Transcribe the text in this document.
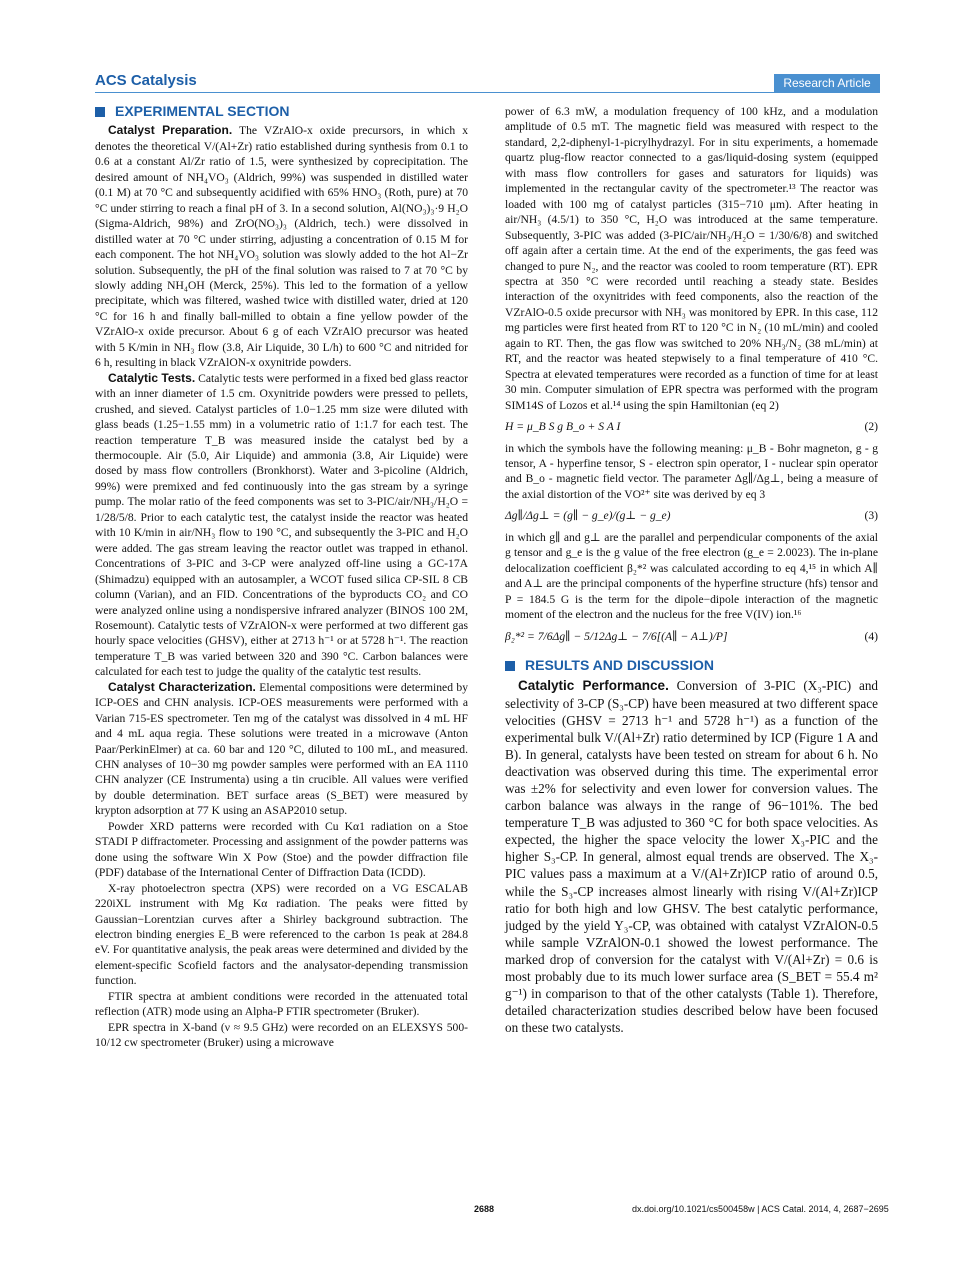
ACS Catalysis	Research Article
EXPERIMENTAL SECTION

Catalyst Preparation. The VZrAlO-x oxide precursors, in which x denotes the theoretical V/(Al+Zr) ratio established during synthesis from 0.1 to 0.6 at a constant Al/Zr ratio of 1.5, were synthesized by coprecipitation. The desired amount of NH₄VO₃ (Aldrich, 99%) was suspended in distilled water (0.1 M) at 70 °C and subsequently acidified with 65% HNO₃ (Roth, pure) at 70 °C under stirring to reach a final pH of 3. In a second solution, Al(NO₃)₃·9 H₂O (Sigma-Aldrich, 98%) and ZrO(NO₃)₃ (Aldrich, tech.) were dissolved in distilled water at 70 °C under stirring, adjusting a concentration of 0.15 M for each component. The hot NH₄VO₃ solution was slowly added to the hot Al−Zr solution. Subsequently, the pH of the final solution was raised to 7 at 70 °C by slowly adding NH₄OH (Merck, 25%). This led to the formation of a yellow precipitate, which was filtered, washed twice with distilled water, dried at 120 °C for 16 h and finally ball-milled to obtain a fine yellow powder of the VZrAlO-x oxide precursor. About 6 g of each VZrAlO precursor was heated with 5 K/min in NH₃ flow (3.8, Air Liquide, 30 L/h) to 600 °C and nitrided for 6 h, resulting in black VZrAlON-x oxynitride powders.

Catalytic Tests. Catalytic tests were performed in a fixed bed glass reactor with an inner diameter of 1.5 cm. Oxynitride powders were pressed to pellets, crushed, and sieved. Catalyst particles of 1.0−1.25 mm size were diluted with glass beads (1.25−1.55 mm) in a volumetric ratio of 1:1.7 for each test. The reaction temperature T_B was measured inside the catalyst bed by a thermocouple. Air (5.0, Air Liquide) and ammonia (3.8, Air Liquide) were dosed by mass flow controllers (Bronkhorst). Water and 3-picoline (Aldrich, 99%) were premixed and fed continuously into the gas stream by a syringe pump. The molar ratio of the feed components was set to 3-PIC/air/NH₃/H₂O = 1/28/5/8. Prior to each catalytic test, the catalyst inside the reactor was heated with 10 K/min in air/NH₃ flow to 190 °C, and subsequently the 3-PIC and H₂O were added. The gas stream leaving the reactor outlet was trapped in ethanol. Concentrations of 3-PIC and 3-CP were analyzed off-line using a GC-17A (Shimadzu) equipped with an autosampler, a WCOT fused silica CP-SIL 8 CB column (Varian), and an FID. Concentrations of the byproducts CO₂ and CO were analyzed online using a nondispersive infrared analyzer (BINOS 100 2M, Rosemount). Catalytic tests of VZrAlON-x were performed at two different gas hourly space velocities (GHSV), either at 2713 h⁻¹ or at 5728 h⁻¹. The reaction temperature T_B was varied between 320 and 390 °C. Carbon balances were calculated for each test to judge the quality of the catalytic test results.

Catalyst Characterization. Elemental compositions were determined by ICP-OES and CHN analysis. ICP-OES measurements were performed with a Varian 715-ES spectrometer. Ten mg of the catalyst was dissolved in 4 mL HF and 4 mL aqua regia. These solutions were treated in a microwave (Anton Paar/PerkinElmer) at ca. 60 bar and 120 °C, diluted to 100 mL, and measured. CHN analyses of 10−30 mg powder samples were performed with an EA 1110 CHN analyzer (CE Instrumenta) using a tin crucible. All values were verified by double determination. BET surface areas (S_BET) were measured by krypton adsorption at 77 K using an ASAP2010 setup.

Powder XRD patterns were recorded with Cu Kα1 radiation on a Stoe STADI P diffractometer. Processing and assignment of the powder patterns was done using the software Win X Pow (Stoe) and the powder diffraction file (PDF) database of the International Center of Diffraction Data (ICDD).

X-ray photoelectron spectra (XPS) were recorded on a VG ESCALAB 220iXL instrument with Mg Kα radiation. The peaks were fitted by Gaussian−Lorentzian curves after a Shirley background subtraction. The electron binding energies E_B were referenced to the carbon 1s peak at 284.8 eV. For quantitative analysis, the peak areas were determined and divided by the element-specific Scofield factors and the analysator-depending transmission function.

FTIR spectra at ambient conditions were recorded in the attenuated total reflection (ATR) mode using an Alpha-P FTIR spectrometer (Bruker).

EPR spectra in X-band (ν ≈ 9.5 GHz) were recorded on an ELEXSYS 500-10/12 cw spectrometer (Bruker) using a microwave

power of 6.3 mW, a modulation frequency of 100 kHz, and a modulation amplitude of 0.5 mT. The magnetic field was measured with respect to the standard, 2,2-diphenyl-1-picrylhydrazyl. For in situ experiments, a homemade quartz plug-flow reactor connected to a gas/liquid-dosing system (equipped with mass flow controllers for gases and saturators for liquids) was implemented in the rectangular cavity of the spectrometer.¹³ The reactor was loaded with 100 mg of catalyst particles (315−710 μm). After heating in air/NH₃ (4.5/1) to 350 °C, H₂O was introduced at the same temperature. Subsequently, 3-PIC was added (3-PIC/air/NH₃/H₂O = 1/30/6/8) and switched off again after a certain time. At the end of the experiments, the gas feed was changed to pure N₂, and the reactor was cooled to room temperature (RT). EPR spectra at 350 °C were recorded until reaching a steady state. Besides interaction of the oxynitrides with feed components, also the reaction of the VZrAlO-0.5 oxide precursor with NH₃ was monitored by EPR. In this case, 112 mg particles were first heated from RT to 120 °C in N₂ (10 mL/min) and cooled again to RT. Then, the gas flow was switched to 20% NH₃/N₂ (38 mL/min) at RT, and the reactor was heated stepwisely to a final temperature of 410 °C. Spectra at elevated temperatures were recorded as a function of time for at least 30 min. Computer simulation of EPR spectra was performed with the program SIM14S of Lozos et al.¹⁴ using the spin Hamiltonian (eq 2)

H = μ_B S g B_o + S A I	(2)

in which the symbols have the following meaning: μ_B - Bohr magneton, g - g tensor, A - hyperfine tensor, S - electron spin operator, I - nuclear spin operator and B_o - magnetic field vector. The parameter Δg∥/Δg⊥, being a measure of the axial distortion of the VO²⁺ site was derived by eq 3

Δg∥/Δg⊥ = (g∥ − g_e)/(g⊥ − g_e)	(3)

in which g∥ and g⊥ are the parallel and perpendicular components of the axial g tensor and g_e is the g value of the free electron (g_e = 2.0023). The in-plane delocalization coefficient β₂*² was calculated according to eq 4,¹⁵ in which A∥ and A⊥ are the principal components of the hyperfine structure (hfs) tensor and P = 184.5 G is the term for the dipole−dipole interaction of the magnetic moment of the electron and the nucleus for the free V(IV) ion.¹⁶

β₂*² = 7/6Δg∥ − 5/12Δg⊥ − 7/6[(A∥ − A⊥)/P]	(4)
RESULTS AND DISCUSSION

Catalytic Performance. Conversion of 3-PIC (X₃-PIC) and selectivity of 3-CP (S₃-CP) have been measured at two different space velocities (GHSV = 2713 h⁻¹ and 5728 h⁻¹) as a function of the experimental bulk V/(Al+Zr) ratio determined by ICP (Figure 1 A and B). In general, catalysts have been tested on stream for about 6 h. No deactivation was observed during this time. The experimental error was ±2% for selectivity and even lower for conversion values. The carbon balance was always in the range of 96−101%. The bed temperature T_B was adjusted to 360 °C for both space velocities. As expected, the higher the space velocity the lower X₃-PIC and the higher S₃-CP. In general, almost equal trends are observed. The X₃-PIC values pass a maximum at a V/(Al+Zr)ICP ratio of around 0.5, while the S₃-CP increases almost linearly with rising V/(Al+Zr)ICP ratio for both high and low GHSV. The best catalytic performance, judged by the yield Y₃-CP, was obtained with catalyst VZrAlON-0.5 while sample VZrAlON-0.1 showed the lowest performance. The marked drop of conversion for the catalyst with V/(Al+Zr) = 0.6 is most probably due to its much lower surface area (S_BET = 55.4 m² g⁻¹) in comparison to that of the other catalysts (Table 1). Therefore, detailed characterization studies described below have been focused on these two catalysts.

2688	dx.doi.org/10.1021/cs500458w | ACS Catal. 2014, 4, 2687−2695
